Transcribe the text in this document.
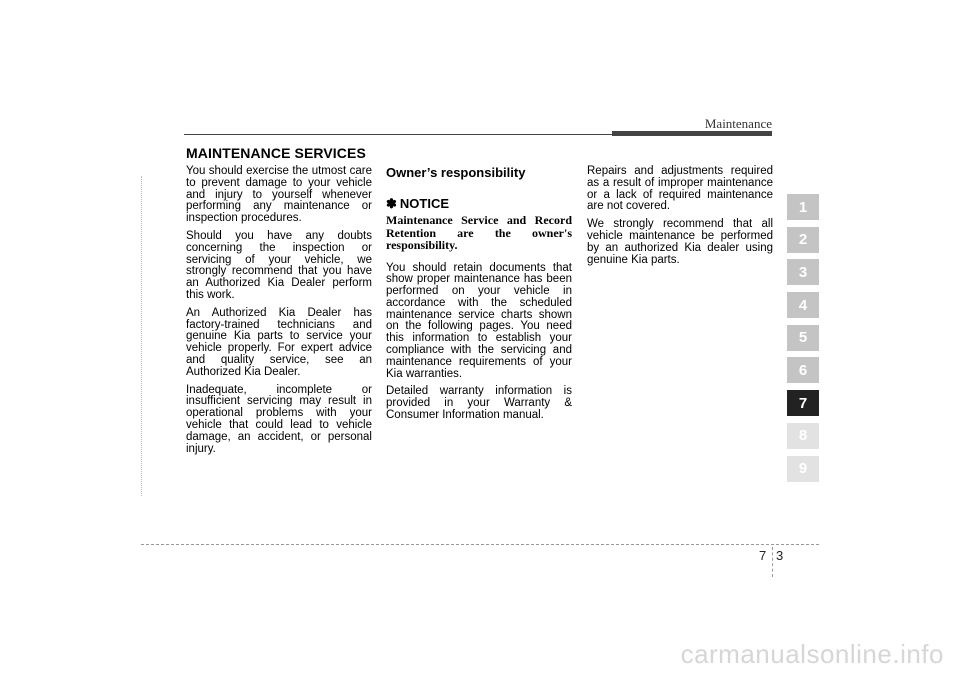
Maintenance
MAINTENANCE SERVICES

You should exercise the utmost care to prevent damage to your vehicle and injury to yourself whenever performing any maintenance or inspection procedures.

Should you have any doubts concerning the inspection or servicing of your vehicle, we strongly recommend that you have an Authorized Kia Dealer perform this work.

An Authorized Kia Dealer has factory-trained technicians and genuine Kia parts to service your vehicle properly. For expert advice and quality service, see an Authorized Kia Dealer.

Inadequate, incomplete or insufficient servicing may result in operational problems with your vehicle that could lead to vehicle damage, an accident, or personal injury.

Owner’s responsibility
✽ NOTICE
Maintenance Service and Record Retention are the owner's responsibility.

You should retain documents that show proper maintenance has been performed on your vehicle in accordance with the scheduled maintenance service charts shown on the following pages. You need this information to establish your compliance with the servicing and maintenance requirements of your Kia warranties.

Detailed warranty information is provided in your Warranty & Consumer Information manual.

Repairs and adjustments required as a result of improper maintenance or a lack of required maintenance are not covered.

We strongly recommend that all vehicle maintenance be performed by an authorized Kia dealer using genuine Kia parts.

1
2
3
4
5
6
7
8
9
7 3
carmanualsonline.info
